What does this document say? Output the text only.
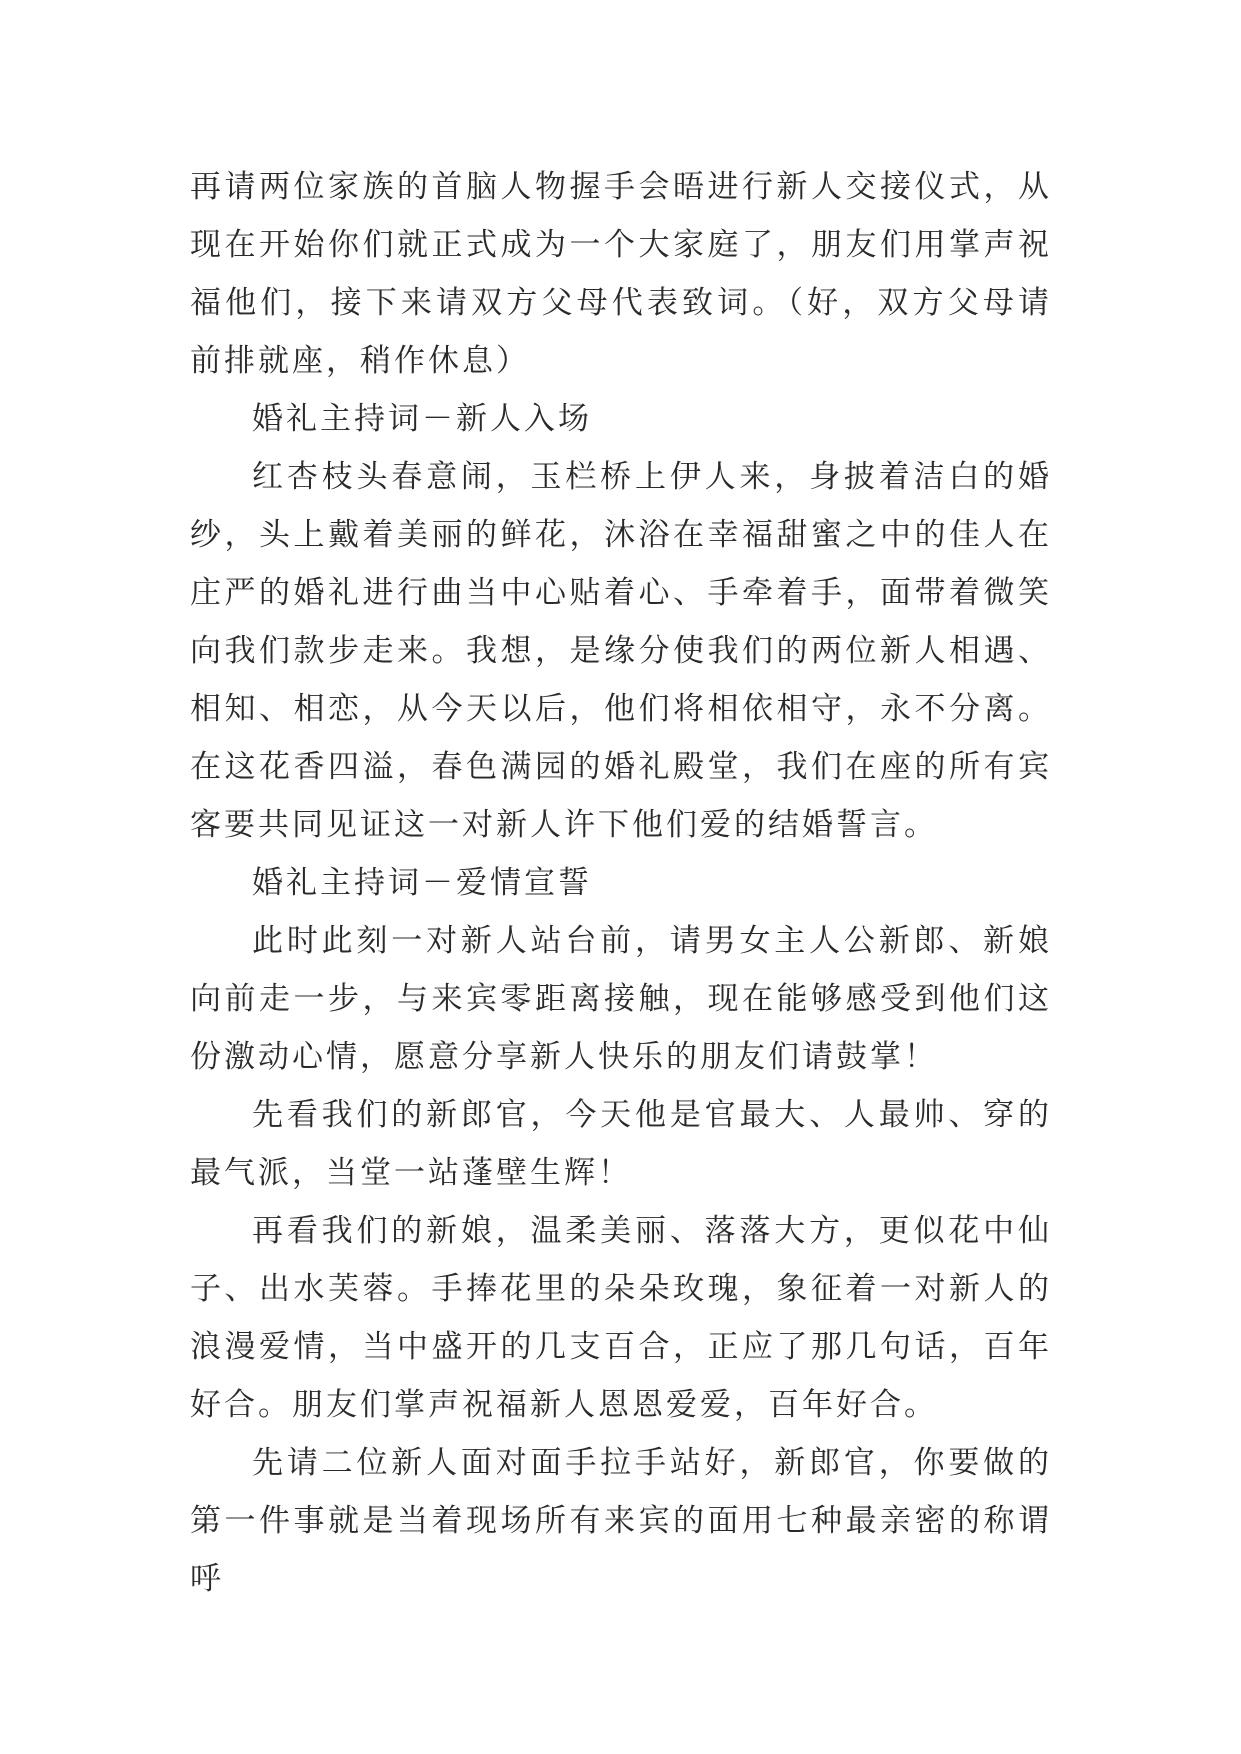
再请两位家族的首脑人物握手会晤进行新人交接仪式，从现在开始你们就正式成为一个大家庭了，朋友们用掌声祝福他们，接下来请双方父母代表致词。（好，双方父母请前排就座，稍作休息）

婚礼主持词－新人入场

红杏枝头春意闹，玉栏桥上伊人来，身披着洁白的婚纱，头上戴着美丽的鲜花，沐浴在幸福甜蜜之中的佳人在庄严的婚礼进行曲当中心贴着心、手牵着手，面带着微笑向我们款步走来。我想，是缘分使我们的两位新人相遇、相知、相恋，从今天以后，他们将相依相守，永不分离。在这花香四溢，春色满园的婚礼殿堂，我们在座的所有宾客要共同见证这一对新人许下他们爱的结婚誓言。

婚礼主持词－爱情宣誓

此时此刻一对新人站台前，请男女主人公新郎、新娘向前走一步，与来宾零距离接触，现在能够感受到他们这份激动心情，愿意分享新人快乐的朋友们请鼓掌！

先看我们的新郎官，今天他是官最大、人最帅、穿的最气派，当堂一站蓬壁生辉！

再看我们的新娘，温柔美丽、落落大方，更似花中仙子、出水芙蓉。手捧花里的朵朵玫瑰，象征着一对新人的浪漫爱情，当中盛开的几支百合，正应了那几句话，百年好合。朋友们掌声祝福新人恩恩爱爱，百年好合。

先请二位新人面对面手拉手站好，新郎官，你要做的第一件事就是当着现场所有来宾的面用七种最亲密的称谓呼
